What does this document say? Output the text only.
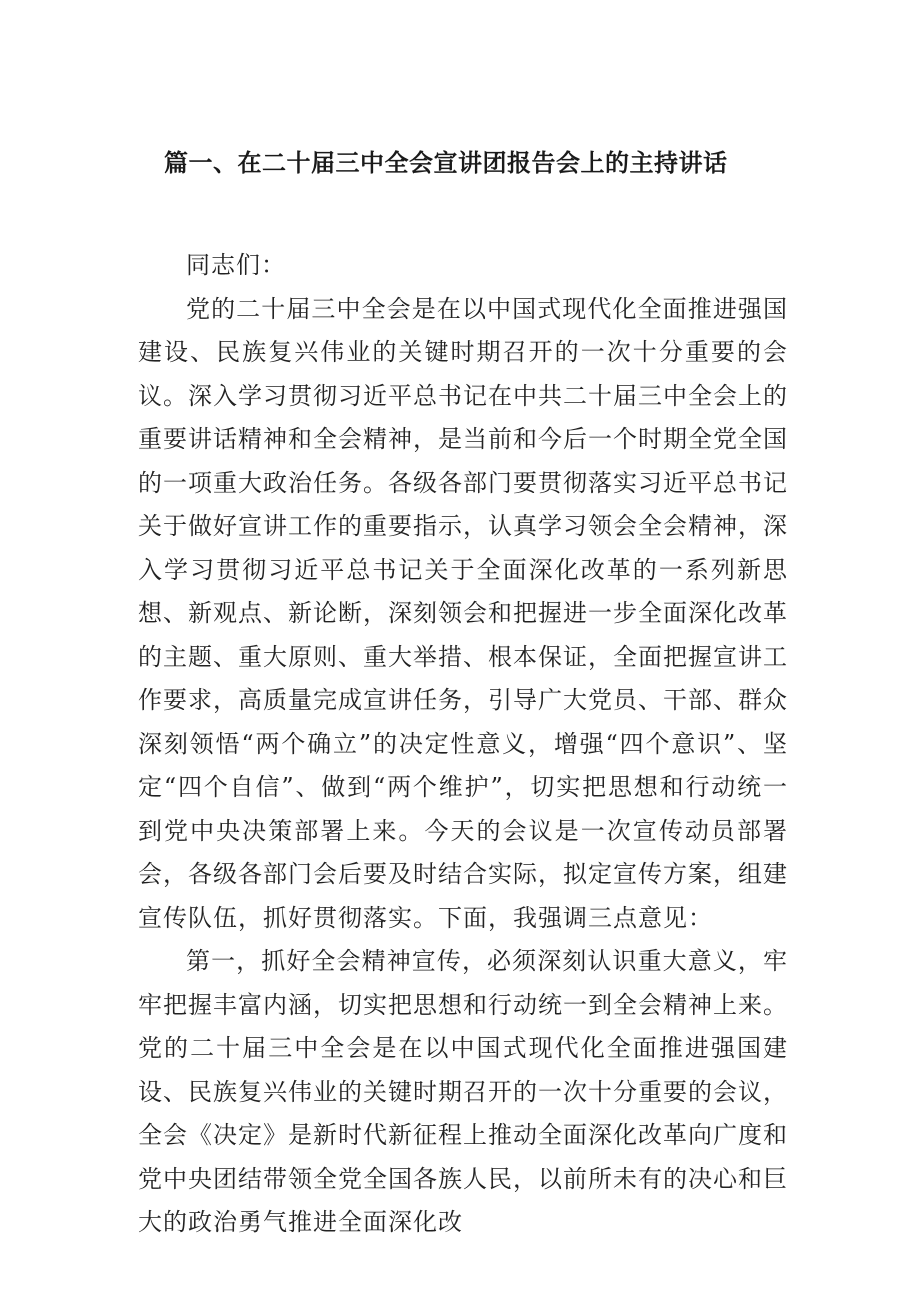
篇一、在二十届三中全会宣讲团报告会上的主持讲话

同志们：

党的二十届三中全会是在以中国式现代化全面推进强国建设、民族复兴伟业的关键时期召开的一次十分重要的会议。深入学习贯彻习近平总书记在中共二十届三中全会上的重要讲话精神和全会精神，是当前和今后一个时期全党全国的一项重大政治任务。各级各部门要贯彻落实习近平总书记关于做好宣讲工作的重要指示，认真学习领会全会精神，深入学习贯彻习近平总书记关于全面深化改革的一系列新思想、新观点、新论断，深刻领会和把握进一步全面深化改革的主题、重大原则、重大举措、根本保证，全面把握宣讲工作要求，高质量完成宣讲任务，引导广大党员、干部、群众深刻领悟“两个确立”的决定性意义，增强“四个意识”、坚定“四个自信”、做到“两个维护”，切实把思想和行动统一到党中央决策部署上来。今天的会议是一次宣传动员部署会，各级各部门会后要及时结合实际，拟定宣传方案，组建宣传队伍，抓好贯彻落实。下面，我强调三点意见：

第一，抓好全会精神宣传，必须深刻认识重大意义，牢牢把握丰富内涵，切实把思想和行动统一到全会精神上来。党的二十届三中全会是在以中国式现代化全面推进强国建设、民族复兴伟业的关键时期召开的一次十分重要的会议，全会《决定》是新时代新征程上推动全面深化改革向广度和党中央团结带领全党全国各族人民，以前所未有的决心和巨大的政治勇气推进全面深化改
